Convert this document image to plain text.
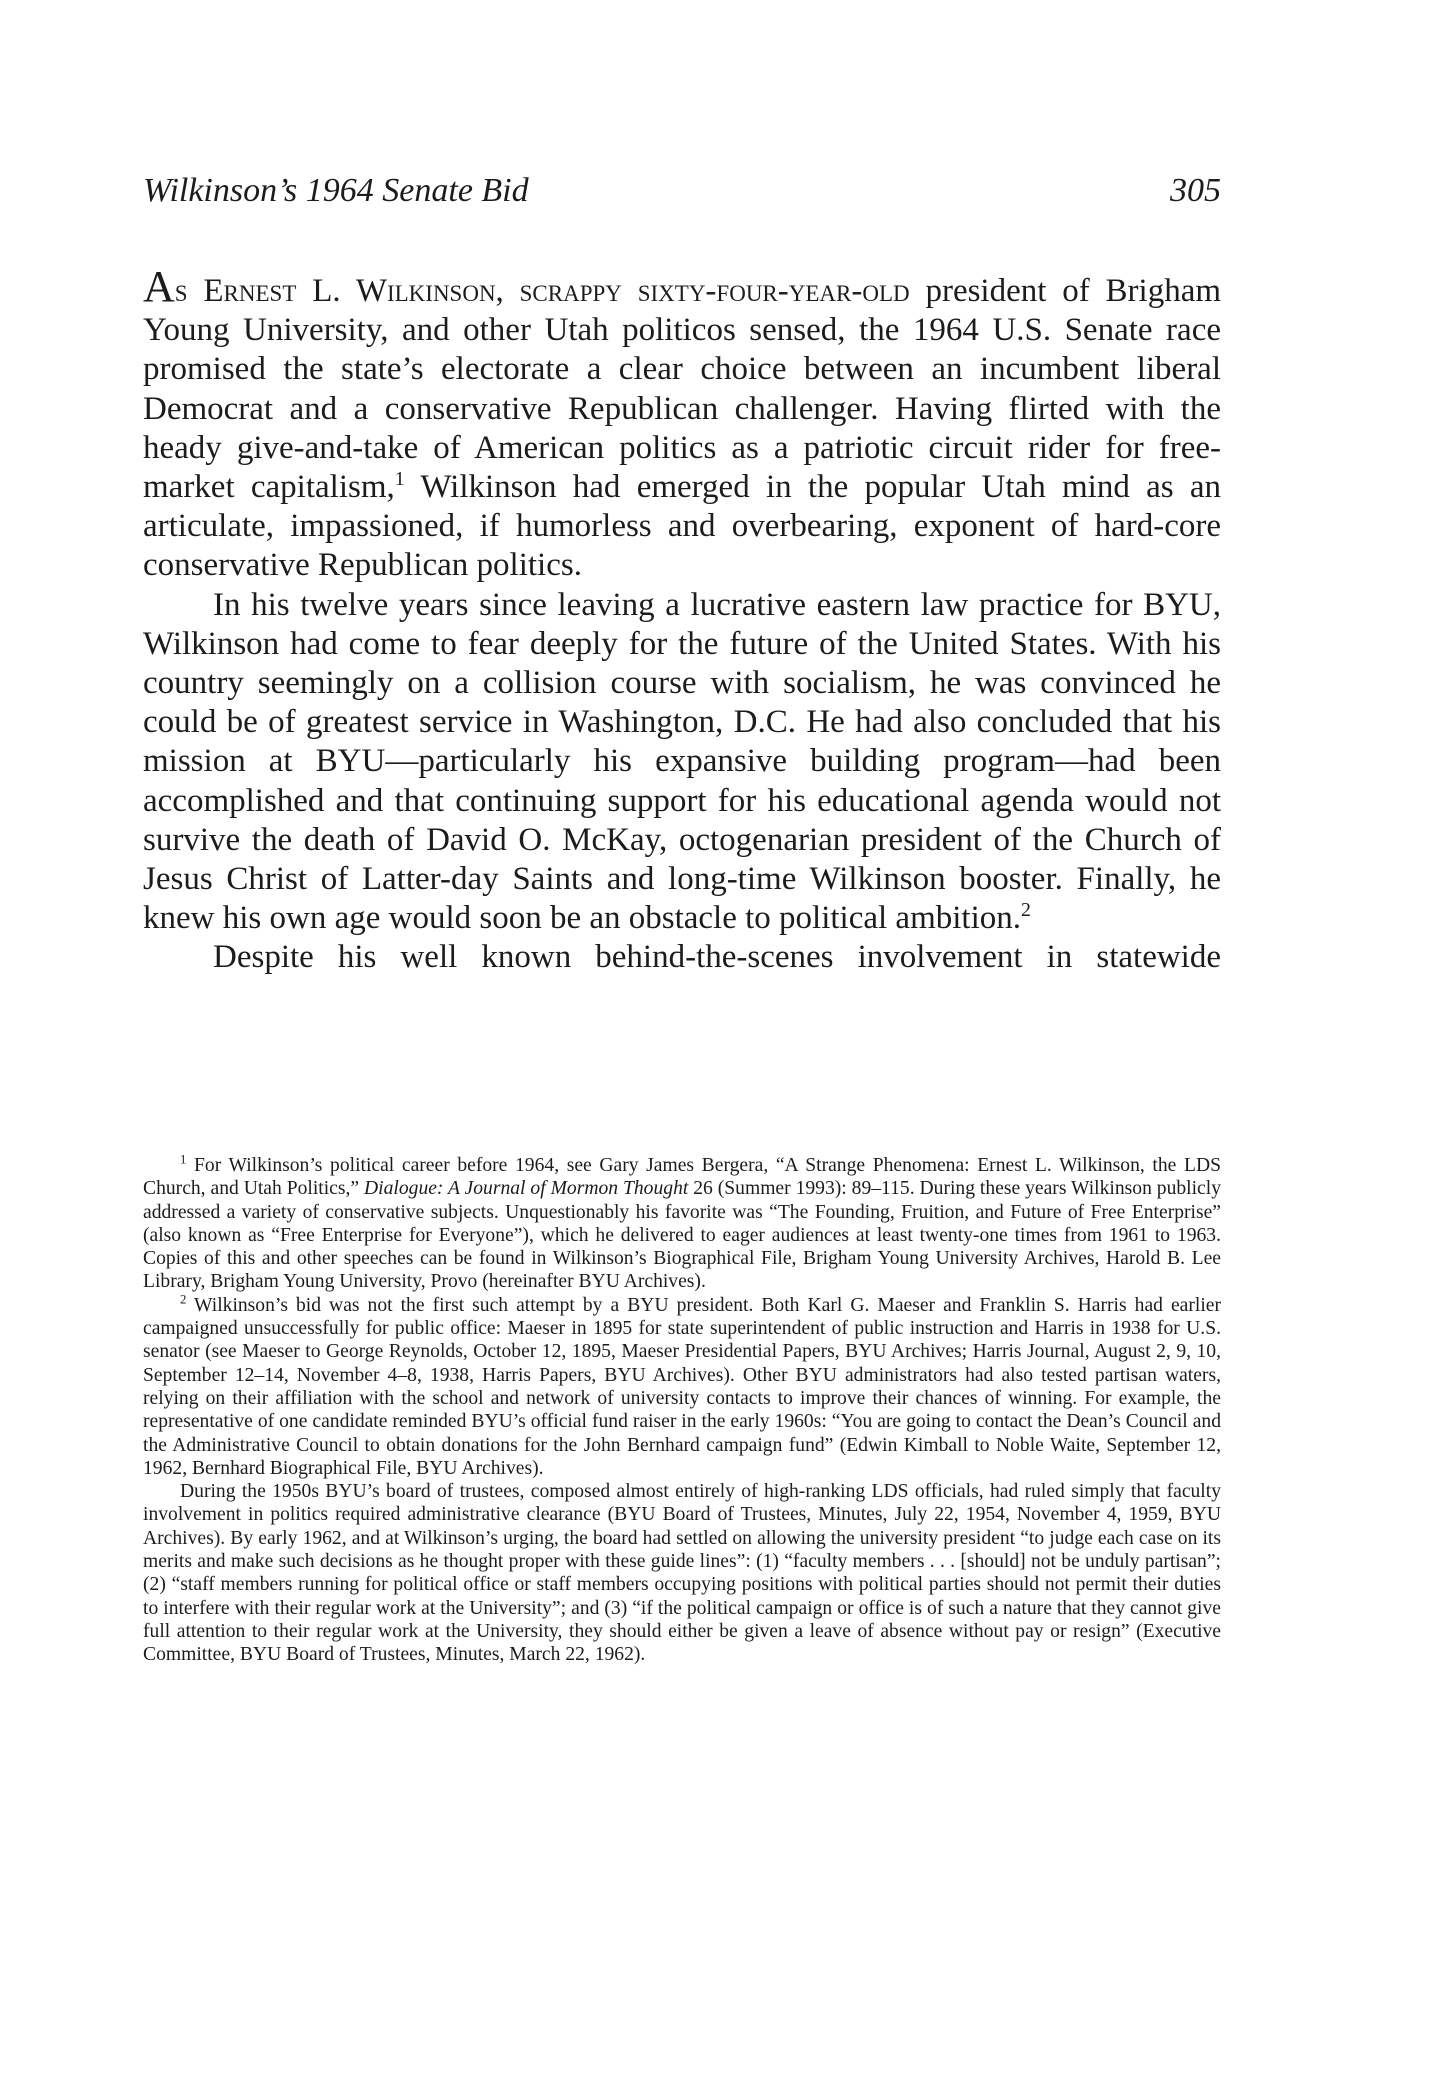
Wilkinson’s 1964 Senate Bid	305

As Ernest L. Wilkinson, scrappy sixty-four-year-old president of Brigham Young University, and other Utah politicos sensed, the 1964 U.S. Senate race promised the state’s electorate a clear choice between an incumbent liberal Democrat and a conservative Republican challenger. Having flirted with the heady give-and-take of American politics as a patriotic circuit rider for free-market capitalism,$^1$ Wilkinson had emerged in the popular Utah mind as an articulate, impassioned, if humorless and overbearing, exponent of hard-core conservative Republican politics.

In his twelve years since leaving a lucrative eastern law practice for BYU, Wilkinson had come to fear deeply for the future of the United States. With his country seemingly on a collision course with socialism, he was convinced he could be of greatest service in Washington, D.C. He had also concluded that his mission at BYU—particularly his expansive building program—had been accomplished and that continuing support for his educational agenda would not survive the death of David O. McKay, octogenarian president of the Church of Jesus Christ of Latter-day Saints and long-time Wilkinson booster. Finally, he knew his own age would soon be an obstacle to political ambition.$^2$

Despite his well known behind-the-scenes involvement in statewide

$^1$ For Wilkinson’s political career before 1964, see Gary James Bergera, “A Strange Phenomena: Ernest L. Wilkinson, the LDS Church, and Utah Politics,” Dialogue: A Journal of Mormon Thought 26 (Summer 1993): 89–115. During these years Wilkinson publicly addressed a variety of conservative subjects. Unquestionably his favorite was “The Founding, Fruition, and Future of Free Enterprise” (also known as “Free Enterprise for Everyone”), which he delivered to eager audiences at least twenty-one times from 1961 to 1963. Copies of this and other speeches can be found in Wilkinson’s Biographical File, Brigham Young University Archives, Harold B. Lee Library, Brigham Young University, Provo (hereinafter BYU Archives).

$^2$ Wilkinson’s bid was not the first such attempt by a BYU president. Both Karl G. Maeser and Franklin S. Harris had earlier campaigned unsuccessfully for public office: Maeser in 1895 for state superintendent of public instruction and Harris in 1938 for U.S. senator (see Maeser to George Reynolds, October 12, 1895, Maeser Presidential Papers, BYU Archives; Harris Journal, August 2, 9, 10, September 12–14, November 4–8, 1938, Harris Papers, BYU Archives). Other BYU administrators had also tested partisan waters, relying on their affiliation with the school and network of university contacts to improve their chances of winning. For example, the representative of one candidate reminded BYU’s official fund raiser in the early 1960s: “You are going to contact the Dean’s Council and the Administrative Council to obtain donations for the John Bernhard campaign fund” (Edwin Kimball to Noble Waite, September 12, 1962, Bernhard Biographical File, BYU Archives).

During the 1950s BYU’s board of trustees, composed almost entirely of high-ranking LDS officials, had ruled simply that faculty involvement in politics required administrative clearance (BYU Board of Trustees, Minutes, July 22, 1954, November 4, 1959, BYU Archives). By early 1962, and at Wilkinson’s urging, the board had settled on allowing the university president “to judge each case on its merits and make such decisions as he thought proper with these guide lines”: (1) “faculty members . . . [should] not be unduly partisan”; (2) “staff members running for political office or staff members occupying positions with political parties should not permit their duties to interfere with their regular work at the University”; and (3) “if the political campaign or office is of such a nature that they cannot give full attention to their regular work at the University, they should either be given a leave of absence without pay or resign” (Executive Committee, BYU Board of Trustees, Minutes, March 22, 1962).
